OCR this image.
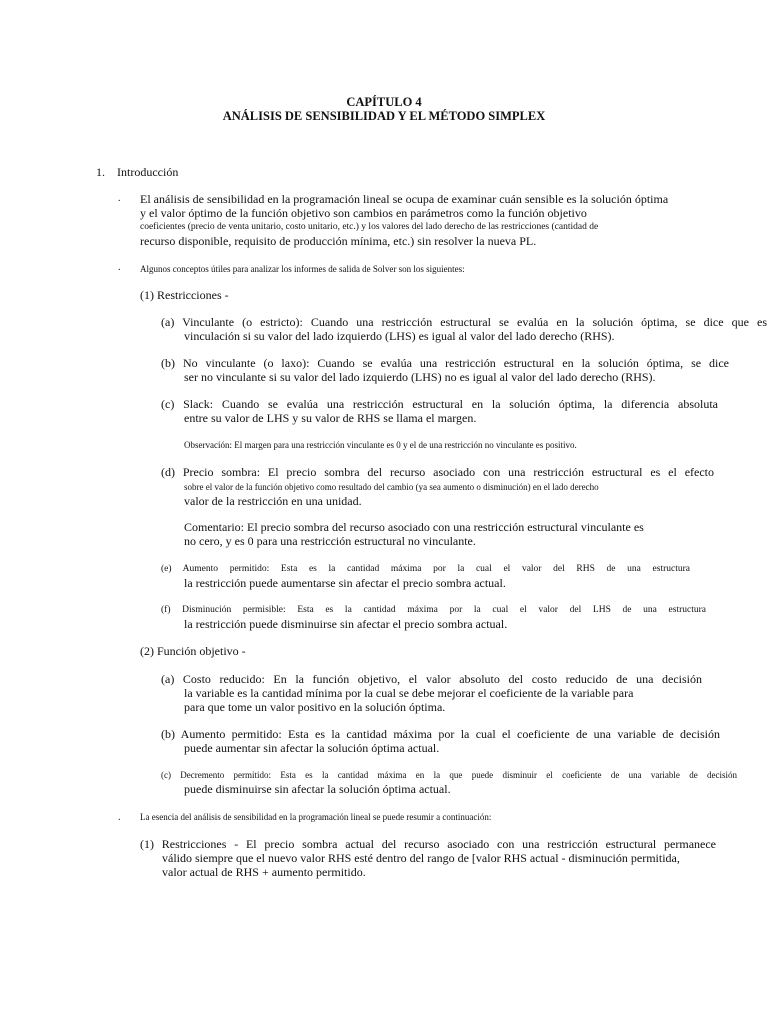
CAPÍTULO 4
ANÁLISIS DE SENSIBILIDAD Y EL MÉTODO SIMPLEX
1. Introducción
. El análisis de sensibilidad en la programación lineal se ocupa de examinar cuán sensible es la solución óptima
y el valor óptimo de la función objetivo son cambios en parámetros como la función objetivo
coeficientes (precio de venta unitario, costo unitario, etc.) y los valores del lado derecho de las restricciones (cantidad de
recurso disponible, requisito de producción mínima, etc.) sin resolver la nueva PL.
. Algunos conceptos útiles para analizar los informes de salida de Solver son los siguientes:
(1) Restricciones -
(a) Vinculante (o estricto): Cuando una restricción estructural se evalúa en la solución óptima, se dice que es
vinculación si su valor del lado izquierdo (LHS) es igual al valor del lado derecho (RHS).
(b) No vinculante (o laxo): Cuando se evalúa una restricción estructural en la solución óptima, se dice
ser no vinculante si su valor del lado izquierdo (LHS) no es igual al valor del lado derecho (RHS).
(c) Slack: Cuando se evalúa una restricción estructural en la solución óptima, la diferencia absoluta
entre su valor de LHS y su valor de RHS se llama el margen.
Observación: El margen para una restricción vinculante es 0 y el de una restricción no vinculante es positivo.
(d) Precio sombra: El precio sombra del recurso asociado con una restricción estructural es el efecto
sobre el valor de la función objetivo como resultado del cambio (ya sea aumento o disminución) en el lado derecho
valor de la restricción en una unidad.
Comentario: El precio sombra del recurso asociado con una restricción estructural vinculante es
no cero, y es 0 para una restricción estructural no vinculante.
(e) Aumento permitido: Esta es la cantidad máxima por la cual el valor del RHS de una estructura
la restricción puede aumentarse sin afectar el precio sombra actual.
(f) Disminución permisible: Esta es la cantidad máxima por la cual el valor del LHS de una estructura
la restricción puede disminuirse sin afectar el precio sombra actual.
(2) Función objetivo -
(a) Costo reducido: En la función objetivo, el valor absoluto del costo reducido de una decisión
la variable es la cantidad mínima por la cual se debe mejorar el coeficiente de la variable para
para que tome un valor positivo en la solución óptima.
(b) Aumento permitido: Esta es la cantidad máxima por la cual el coeficiente de una variable de decisión
puede aumentar sin afectar la solución óptima actual.
(c) Decremento permitido: Esta es la cantidad máxima en la que puede disminuir el coeficiente de una variable de decisión
puede disminuirse sin afectar la solución óptima actual.
. La esencia del análisis de sensibilidad en la programación lineal se puede resumir a continuación:
(1) Restricciones - El precio sombra actual del recurso asociado con una restricción estructural permanece
válido siempre que el nuevo valor RHS esté dentro del rango de [valor RHS actual - disminución permitida,
valor actual de RHS + aumento permitido.
